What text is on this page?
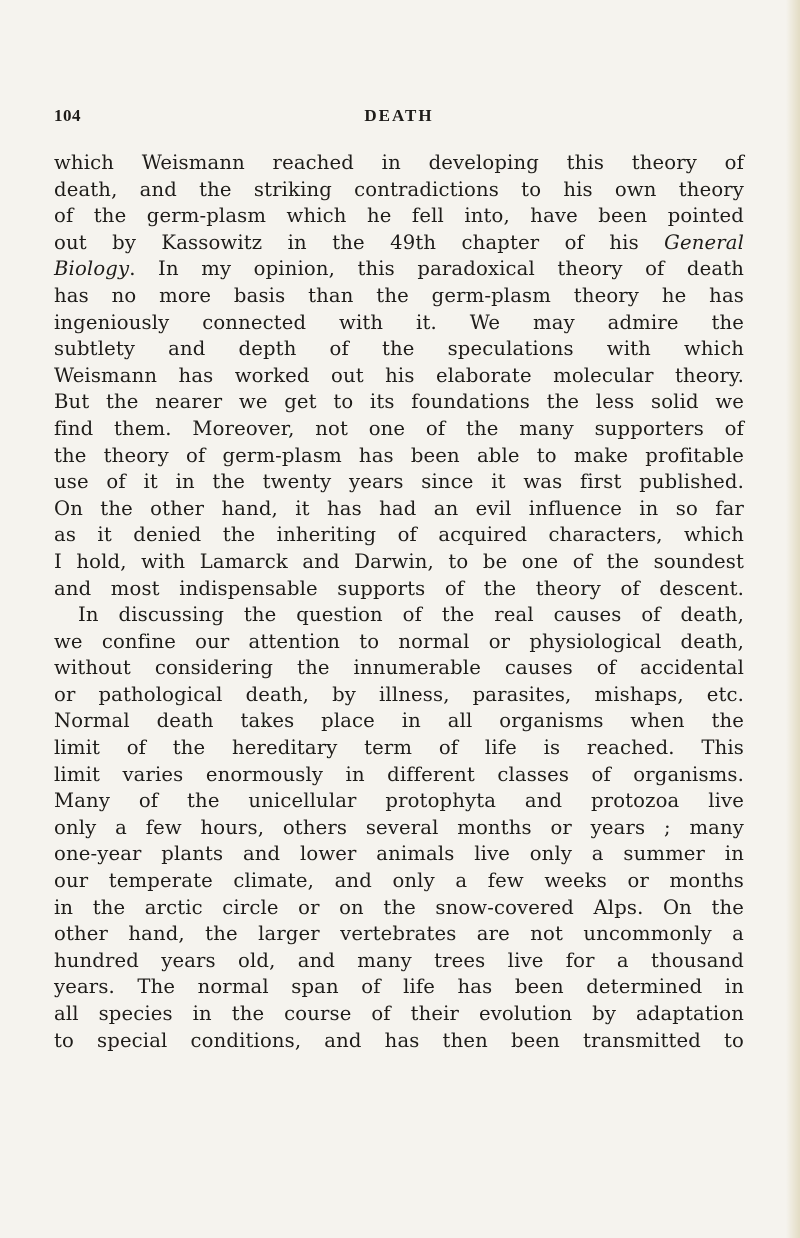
104	DEATH
which Weismann reached in developing this theory of
death, and the striking contradictions to his own theory
of the germ-plasm which he fell into, have been pointed
out by Kassowitz in the 49th chapter of his General
Biology. In my opinion, this paradoxical theory of death
has no more basis than the germ-plasm theory he has
ingeniously connected with it. We may admire the
subtlety and depth of the speculations with which
Weismann has worked out his elaborate molecular theory.
But the nearer we get to its foundations the less solid we
find them. Moreover, not one of the many supporters of
the theory of germ-plasm has been able to make profitable
use of it in the twenty years since it was first published.
On the other hand, it has had an evil influence in so far
as it denied the inheriting of acquired characters, which
I hold, with Lamarck and Darwin, to be one of the soundest
and most indispensable supports of the theory of descent.
In discussing the question of the real causes of death,
we confine our attention to normal or physiological death,
without considering the innumerable causes of accidental
or pathological death, by illness, parasites, mishaps, etc.
Normal death takes place in all organisms when the
limit of the hereditary term of life is reached. This
limit varies enormously in different classes of organisms.
Many of the unicellular protophyta and protozoa live
only a few hours, others several months or years ; many
one-year plants and lower animals live only a summer in
our temperate climate, and only a few weeks or months
in the arctic circle or on the snow-covered Alps. On the
other hand, the larger vertebrates are not uncommonly a
hundred years old, and many trees live for a thousand
years. The normal span of life has been determined in
all species in the course of their evolution by adaptation
to special conditions, and has then been transmitted to
